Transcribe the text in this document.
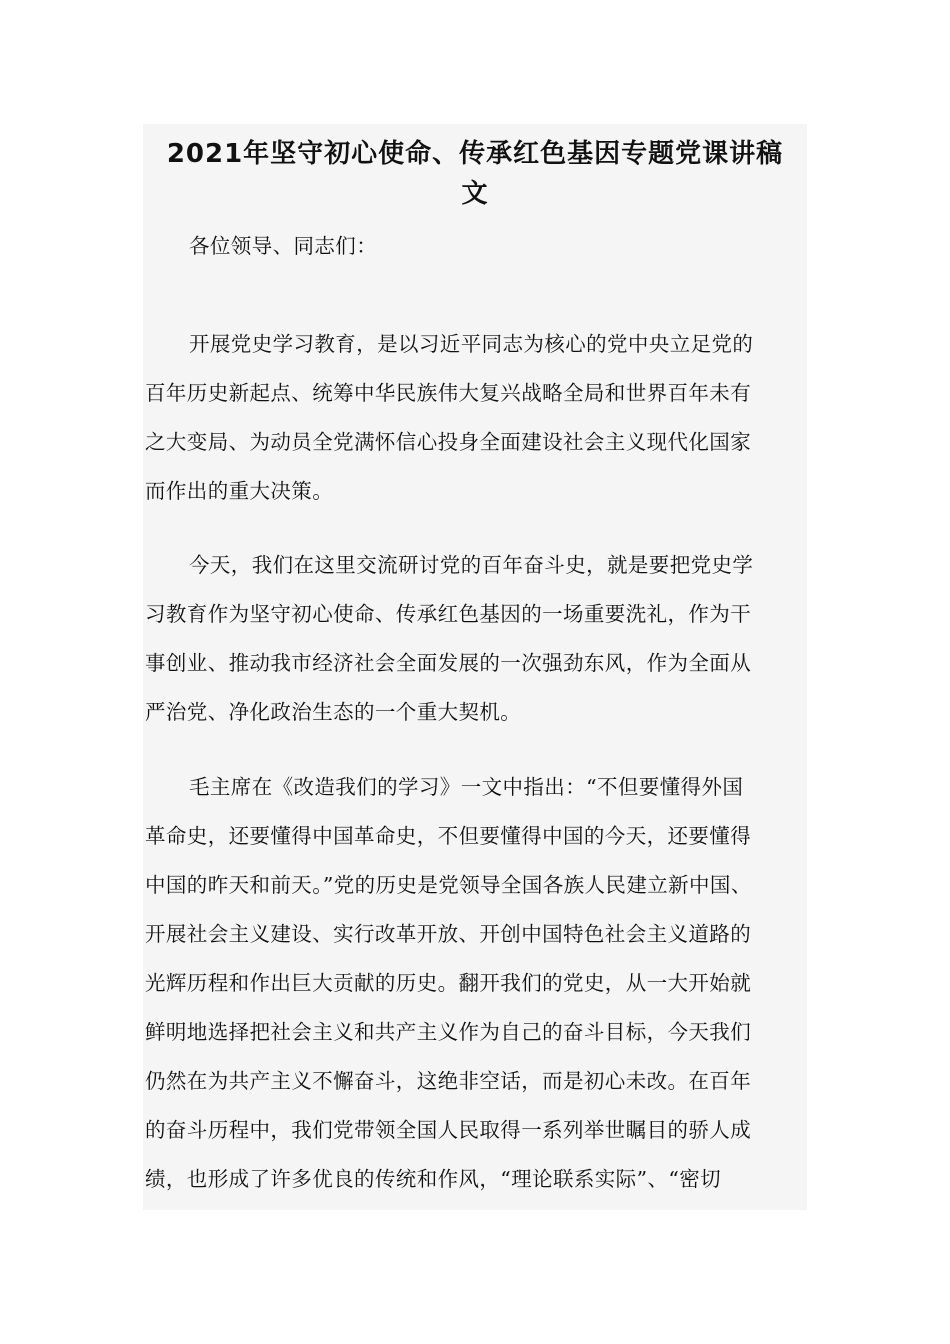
2021年坚守初心使命、传承红色基因专题党课讲稿
文

各位领导、同志们：

开展党史学习教育，是以习近平同志为核心的党中央立足党的
百年历史新起点、统筹中华民族伟大复兴战略全局和世界百年未有
之大变局、为动员全党满怀信心投身全面建设社会主义现代化国家
而作出的重大决策。

今天，我们在这里交流研讨党的百年奋斗史，就是要把党史学
习教育作为坚守初心使命、传承红色基因的一场重要洗礼，作为干
事创业、推动我市经济社会全面发展的一次强劲东风，作为全面从
严治党、净化政治生态的一个重大契机。

毛主席在《改造我们的学习》一文中指出：“不但要懂得外国
革命史，还要懂得中国革命史，不但要懂得中国的今天，还要懂得
中国的昨天和前天。”党的历史是党领导全国各族人民建立新中国、
开展社会主义建设、实行改革开放、开创中国特色社会主义道路的
光辉历程和作出巨大贡献的历史。翻开我们的党史，从一大开始就
鲜明地选择把社会主义和共产主义作为自己的奋斗目标，今天我们
仍然在为共产主义不懈奋斗，这绝非空话，而是初心未改。在百年
的奋斗历程中，我们党带领全国人民取得一系列举世瞩目的骄人成
绩，也形成了许多优良的传统和作风，“理论联系实际”、“密切
